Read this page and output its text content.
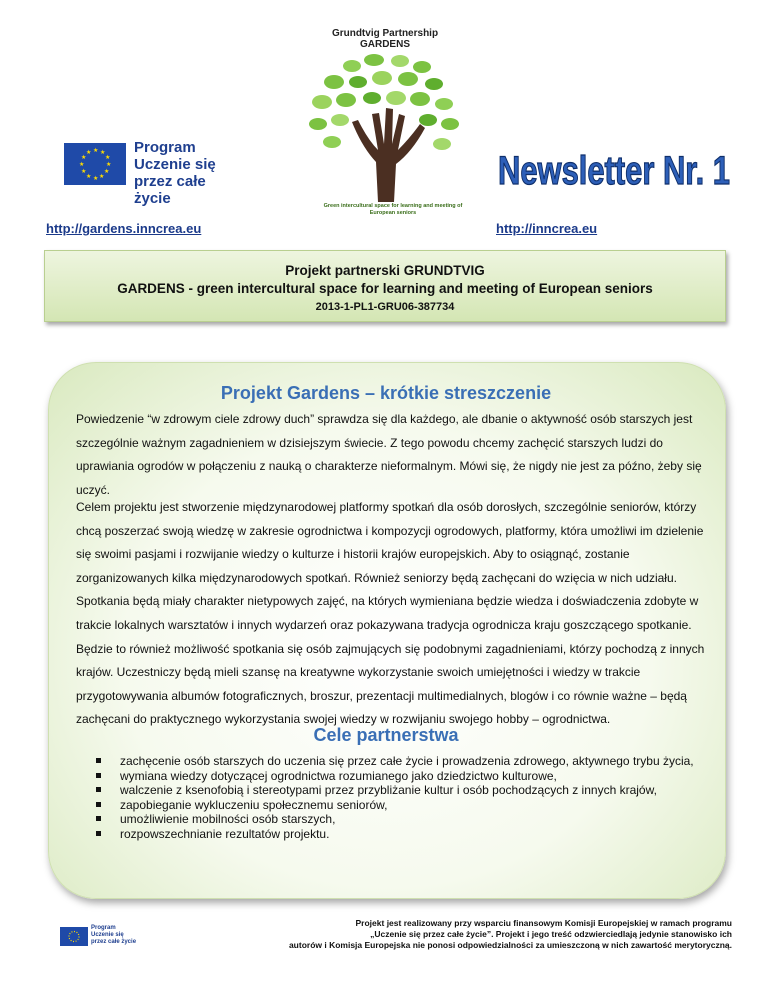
Grundtvig Partnership
GARDENS
Green intercultural space for learning and meeting of European seniors
★ ★
★
★
★
★
★
★
★
★
★
★	Program
Uczenie się
przez całe życie
Newsletter Nr. 1
http://gardens.inncrea.eu	http://inncrea.eu
Projekt partnerski GRUNDTVIG
GARDENS - green intercultural space for learning and meeting of European seniors
2013-1-PL1-GRU06-387734
Projekt Gardens – krótkie streszczenie
Powiedzenie “w zdrowym ciele zdrowy duch” sprawdza się dla każdego, ale dbanie o aktywność osób starszych jest szczególnie ważnym zagadnieniem w dzisiejszym świecie. Z tego powodu chcemy zachęcić starszych ludzi do uprawiania ogrodów w połączeniu z nauką o charakterze nieformalnym. Mówi się, że nigdy nie jest za późno, żeby się uczyć.
Celem projektu jest stworzenie międzynarodowej platformy spotkań dla osób dorosłych, szczególnie seniorów, którzy chcą poszerzać swoją wiedzę w zakresie ogrodnictwa i kompozycji ogrodowych, platformy, która umożliwi im dzielenie się swoimi pasjami i rozwijanie wiedzy o kulturze i historii krajów europejskich. Aby to osiągnąć, zostanie zorganizowanych kilka międzynarodowych spotkań. Również seniorzy będą zachęcani do wzięcia w nich udziału. Spotkania będą miały charakter nietypowych zajęć, na których wymieniana będzie wiedza i doświadczenia zdobyte w trakcie lokalnych warsztatów i innych wydarzeń oraz pokazywana tradycja ogrodnicza kraju goszczącego spotkanie. Będzie to również możliwość spotkania się osób zajmujących się podobnymi zagadnieniami, którzy pochodzą z innych krajów. Uczestniczy będą mieli szansę na kreatywne wykorzystanie swoich umiejętności i wiedzy w trakcie przygotowywania albumów fotograficznych, broszur, prezentacji multimedialnych, blogów i co równie ważne – będą zachęcani do praktycznego wykorzystania swojej wiedzy w rozwijaniu swojego hobby – ogrodnictwa.
Cele partnerstwa
zachęcenie osób starszych do uczenia się przez całe życie i prowadzenia zdrowego, aktywnego trybu życia,
wymiana wiedzy dotyczącej ogrodnictwa rozumianego jako dziedzictwo kulturowe,
walczenie z ksenofobią i stereotypami przez przybliżanie kultur i osób pochodzących z innych krajów,
zapobieganie wykluczeniu społecznemu seniorów,
umożliwienie mobilności osób starszych,
rozpowszechnianie rezultatów projektu.
Program
Uczenie się
przez całe życie
Projekt jest realizowany przy wsparciu finansowym Komisji Europejskiej w ramach programu
„Uczenie się przez całe życie”. Projekt i jego treść odzwierciedlają jedynie stanowisko ich
autorów i Komisja Europejska nie ponosi odpowiedzialności za umieszczoną w nich zawartość merytoryczną.
